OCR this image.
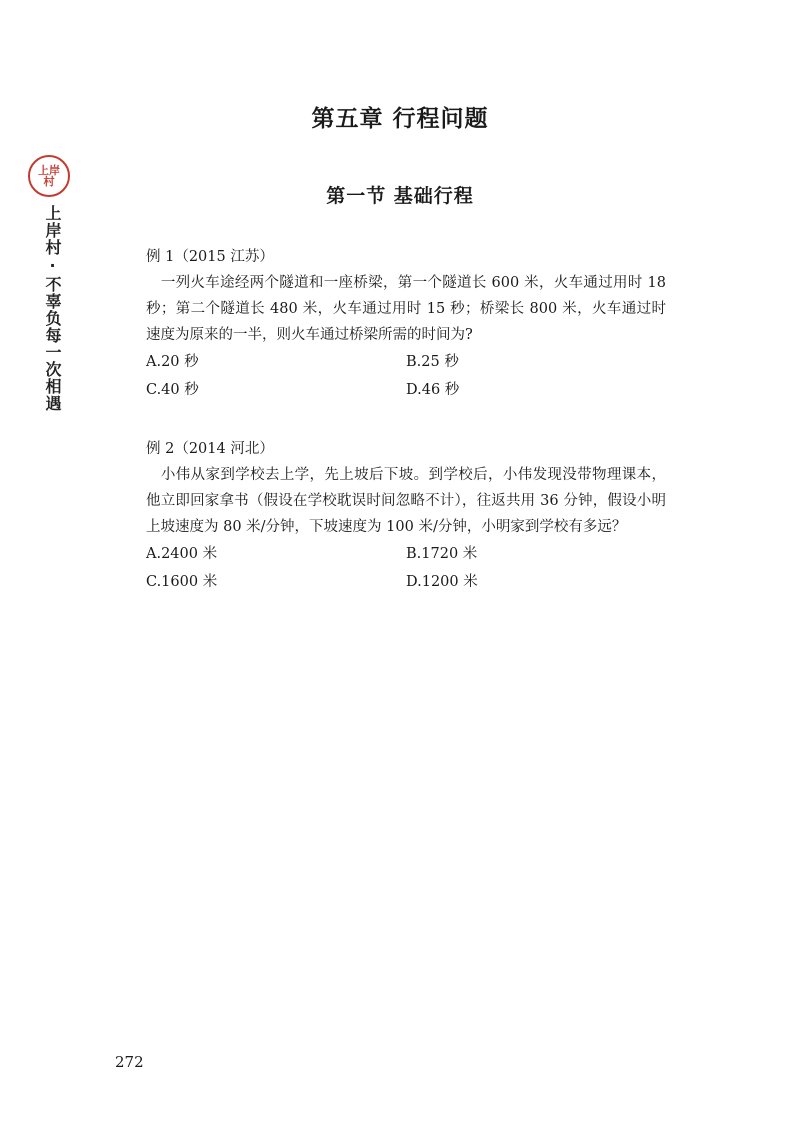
上岸
村
上岸村·不辜负每一次相遇
第五章 行程问题
第一节 基础行程
例 1（2015 江苏）

　一列火车途经两个隧道和一座桥梁，第一个隧道长 600 米，火车通过用时 18 秒；第二个隧道长 480 米，火车通过用时 15 秒；桥梁长 800 米，火车通过时速度为原来的一半，则火车通过桥梁所需的时间为?

A.20 秒	B.25 秒
C.40 秒	D.46 秒
例 2（2014 河北）

　小伟从家到学校去上学，先上坡后下坡。到学校后，小伟发现没带物理课本，他立即回家拿书（假设在学校耽误时间忽略不计），往返共用 36 分钟，假设小明上坡速度为 80 米/分钟，下坡速度为 100 米/分钟，小明家到学校有多远？

A.2400 米	B.1720 米
C.1600 米	D.1200 米
272
